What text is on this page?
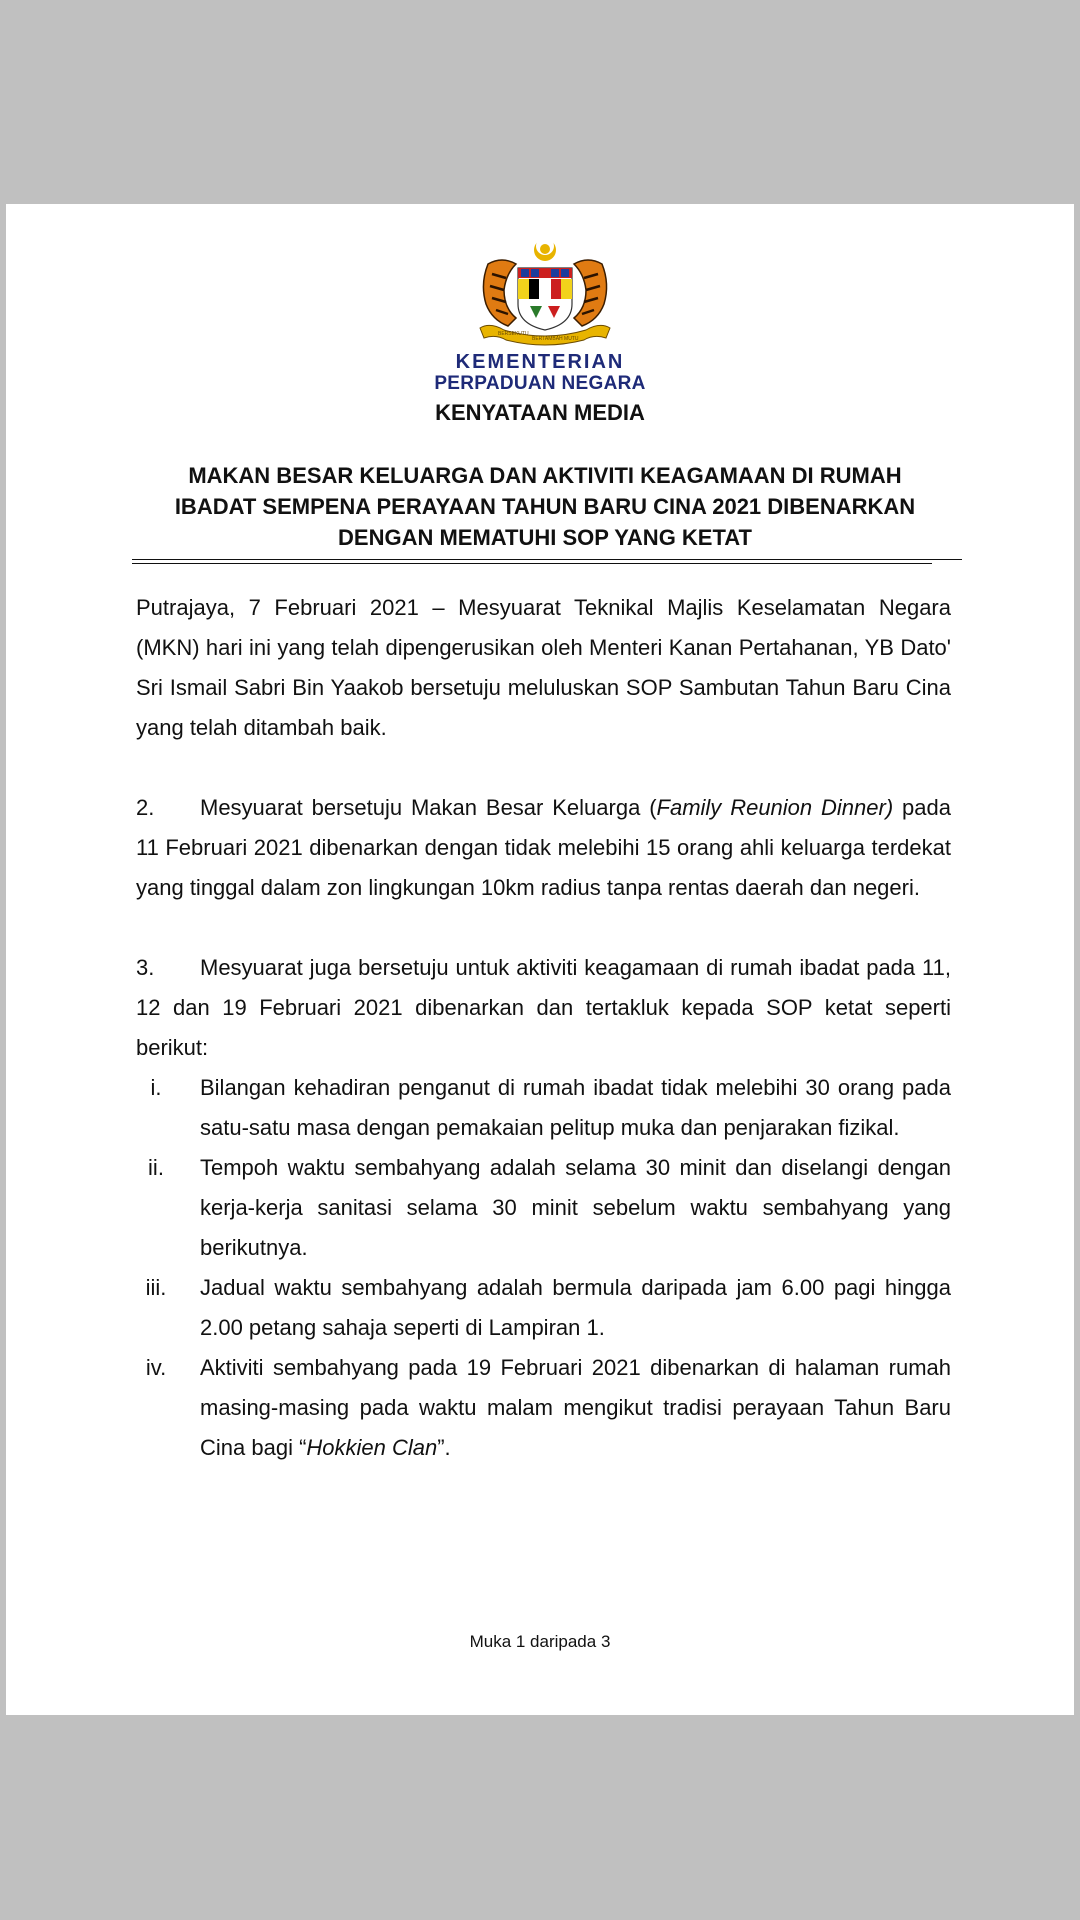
BERSEKUTU
BERTAMBAH MUTU
KEMENTERIAN
PERPADUAN NEGARA
KENYATAAN MEDIA
MAKAN BESAR KELUARGA DAN AKTIVITI KEAGAMAAN DI RUMAH
IBADAT SEMPENA PERAYAAN TAHUN BARU CINA 2021 DIBENARKAN
DENGAN MEMATUHI SOP YANG KETAT

Putrajaya, 7 Februari 2021 – Mesyuarat Teknikal Majlis Keselamatan Negara (MKN) hari ini yang telah dipengerusikan oleh Menteri Kanan Pertahanan, YB Dato' Sri Ismail Sabri Bin Yaakob bersetuju meluluskan SOP Sambutan Tahun Baru Cina yang telah ditambah baik.

2. Mesyuarat bersetuju Makan Besar Keluarga (Family Reunion Dinner) pada 11 Februari 2021 dibenarkan dengan tidak melebihi 15 orang ahli keluarga terdekat yang tinggal dalam zon lingkungan 10km radius tanpa rentas daerah dan negeri.

3. Mesyuarat juga bersetuju untuk aktiviti keagamaan di rumah ibadat pada 11, 12 dan 19 Februari 2021 dibenarkan dan tertakluk kepada SOP ketat seperti berikut:

i.	Bilangan kehadiran penganut di rumah ibadat tidak melebihi 30 orang pada satu-satu masa dengan pemakaian pelitup muka dan penjarakan fizikal.
ii.	Tempoh waktu sembahyang adalah selama 30 minit dan diselangi dengan kerja-kerja sanitasi selama 30 minit sebelum waktu sembahyang yang berikutnya.
iii.	Jadual waktu sembahyang adalah bermula daripada jam 6.00 pagi hingga 2.00 petang sahaja seperti di Lampiran 1.
iv.	Aktiviti sembahyang pada 19 Februari 2021 dibenarkan di halaman rumah masing-masing pada waktu malam mengikut tradisi perayaan Tahun Baru Cina bagi “Hokkien Clan”.
Muka 1 daripada 3
